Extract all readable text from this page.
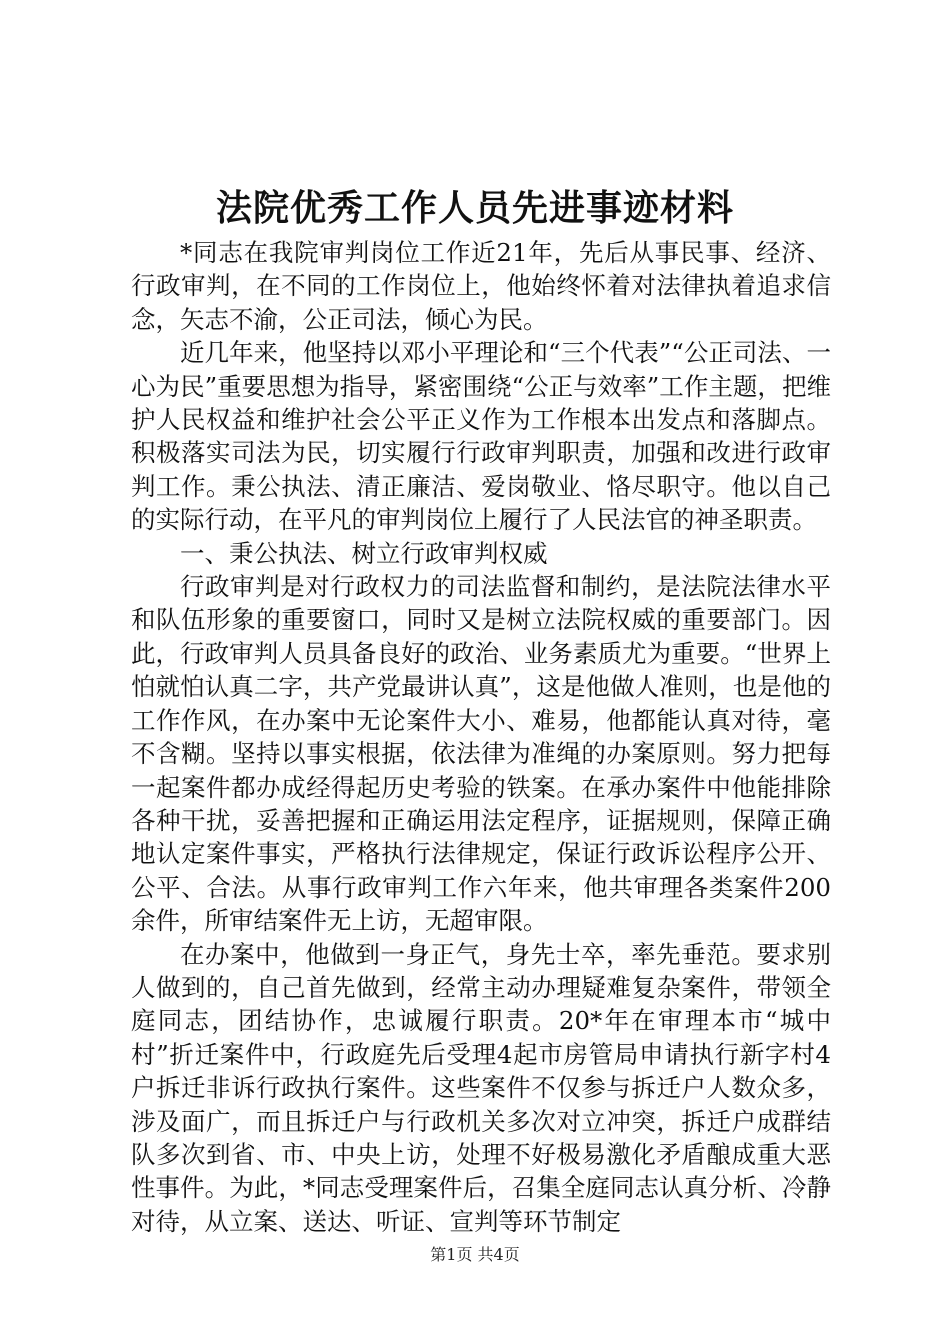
法院优秀工作人员先进事迹材料

*同志在我院审判岗位工作近21年，先后从事民事、经济、行政审判，在不同的工作岗位上，他始终怀着对法律执着追求信念，矢志不渝，公正司法，倾心为民。

近几年来，他坚持以邓小平理论和“三个代表”“公正司法、一心为民”重要思想为指导，紧密围绕“公正与效率”工作主题，把维护人民权益和维护社会公平正义作为工作根本出发点和落脚点。积极落实司法为民，切实履行行政审判职责，加强和改进行政审判工作。秉公执法、清正廉洁、爱岗敬业、恪尽职守。他以自己的实际行动，在平凡的审判岗位上履行了人民法官的神圣职责。

一、秉公执法、树立行政审判权威

行政审判是对行政权力的司法监督和制约，是法院法律水平和队伍形象的重要窗口，同时又是树立法院权威的重要部门。因此，行政审判人员具备良好的政治、业务素质尤为重要。“世界上怕就怕认真二字，共产党最讲认真”，这是他做人准则，也是他的工作作风，在办案中无论案件大小、难易，他都能认真对待，毫不含糊。坚持以事实根据，依法律为准绳的办案原则。努力把每一起案件都办成经得起历史考验的铁案。在承办案件中他能排除各种干扰，妥善把握和正确运用法定程序，证据规则，保障正确地认定案件事实，严格执行法律规定，保证行政诉讼程序公开、公平、合法。从事行政审判工作六年来，他共审理各类案件200余件，所审结案件无上访，无超审限。

在办案中，他做到一身正气，身先士卒，率先垂范。要求别人做到的，自己首先做到，经常主动办理疑难复杂案件，带领全庭同志，团结协作，忠诚履行职责。20*年在审理本市“城中村”折迁案件中，行政庭先后受理4起市房管局申请执行新字村4户拆迁非诉行政执行案件。这些案件不仅参与拆迁户人数众多，涉及面广，而且拆迁户与行政机关多次对立冲突，拆迁户成群结队多次到省、市、中央上访，处理不好极易激化矛盾酿成重大恶性事件。为此，*同志受理案件后，召集全庭同志认真分析、冷静对待，从立案、送达、听证、宣判等环节制定

第1页 共4页
